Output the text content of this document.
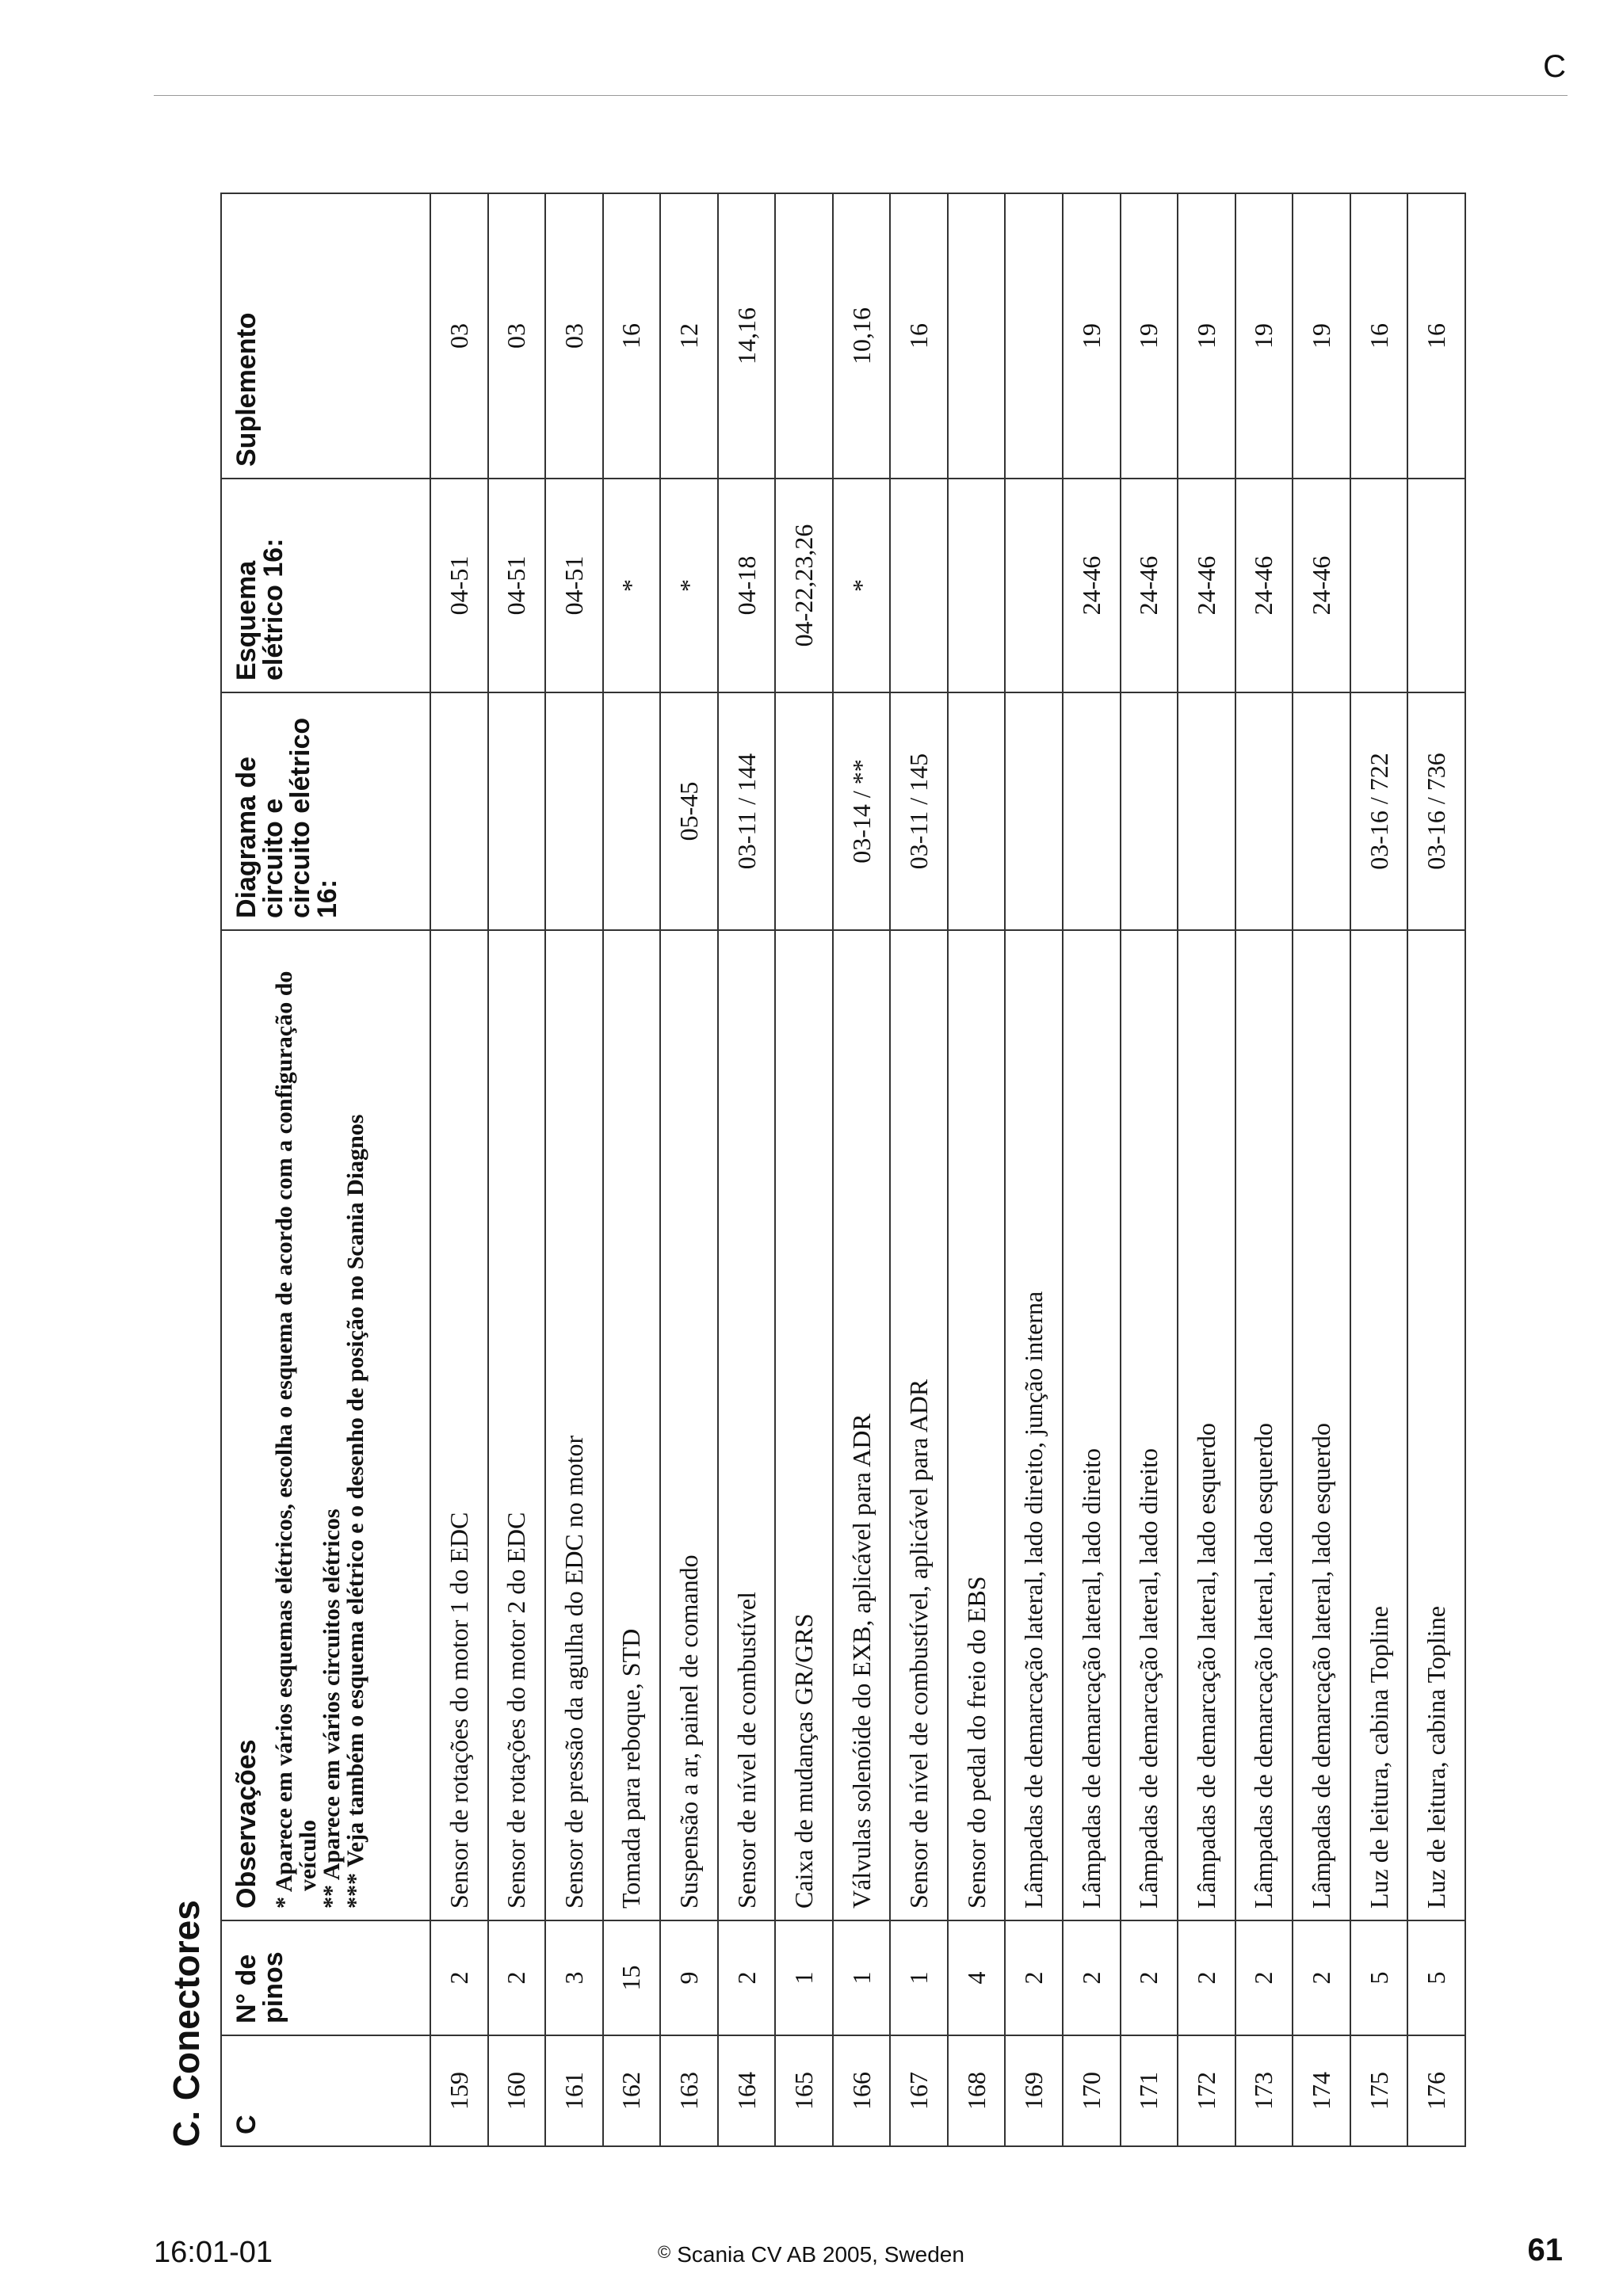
C
C. Conectores C	N° de pinos	Observações * Aparece em vários esquemas elétricos, escolha o esquema de acordo com a configuração do veículo
** Aparece em vários circuitos elétricos
*** Veja também o esquema elétrico e o desenho de posição no Scania Diagnos	Diagrama de circuito e circuito elétrico 16:	Esquema elétrico 16:	Suplemento
159	2	Sensor de rotações do motor 1 do EDC		04-51	03
160	2	Sensor de rotações do motor 2 do EDC		04-51	03
161	3	Sensor de pressão da agulha do EDC no motor		04-51	03
162	15	Tomada para reboque, STD		*	16
163	9	Suspensão a ar, painel de comando	05-45	*	12
164	2	Sensor de nível de combustível	03-11 / 144	04-18	14,16
165	1	Caixa de mudanças GR/GRS		04-22,23,26	
166	1	Válvulas solenóide do EXB, aplicável para ADR	03-14 / **	*	10,16
167	1	Sensor de nível de combustível, aplicável para ADR	03-11 / 145		16
168	4	Sensor do pedal do freio do EBS			
169	2	Lâmpadas de demarcação lateral, lado direito, junção interna			
170	2	Lâmpadas de demarcação lateral, lado direito		24-46	19
171	2	Lâmpadas de demarcação lateral, lado direito		24-46	19
172	2	Lâmpadas de demarcação lateral, lado esquerdo		24-46	19
173	2	Lâmpadas de demarcação lateral, lado esquerdo		24-46	19
174	2	Lâmpadas de demarcação lateral, lado esquerdo		24-46	19
175	5	Luz de leitura, cabina Topline	03-16 / 722		16
176	5	Luz de leitura, cabina Topline	03-16 / 736		16
16:01-01	© Scania CV AB 2005, Sweden	61
